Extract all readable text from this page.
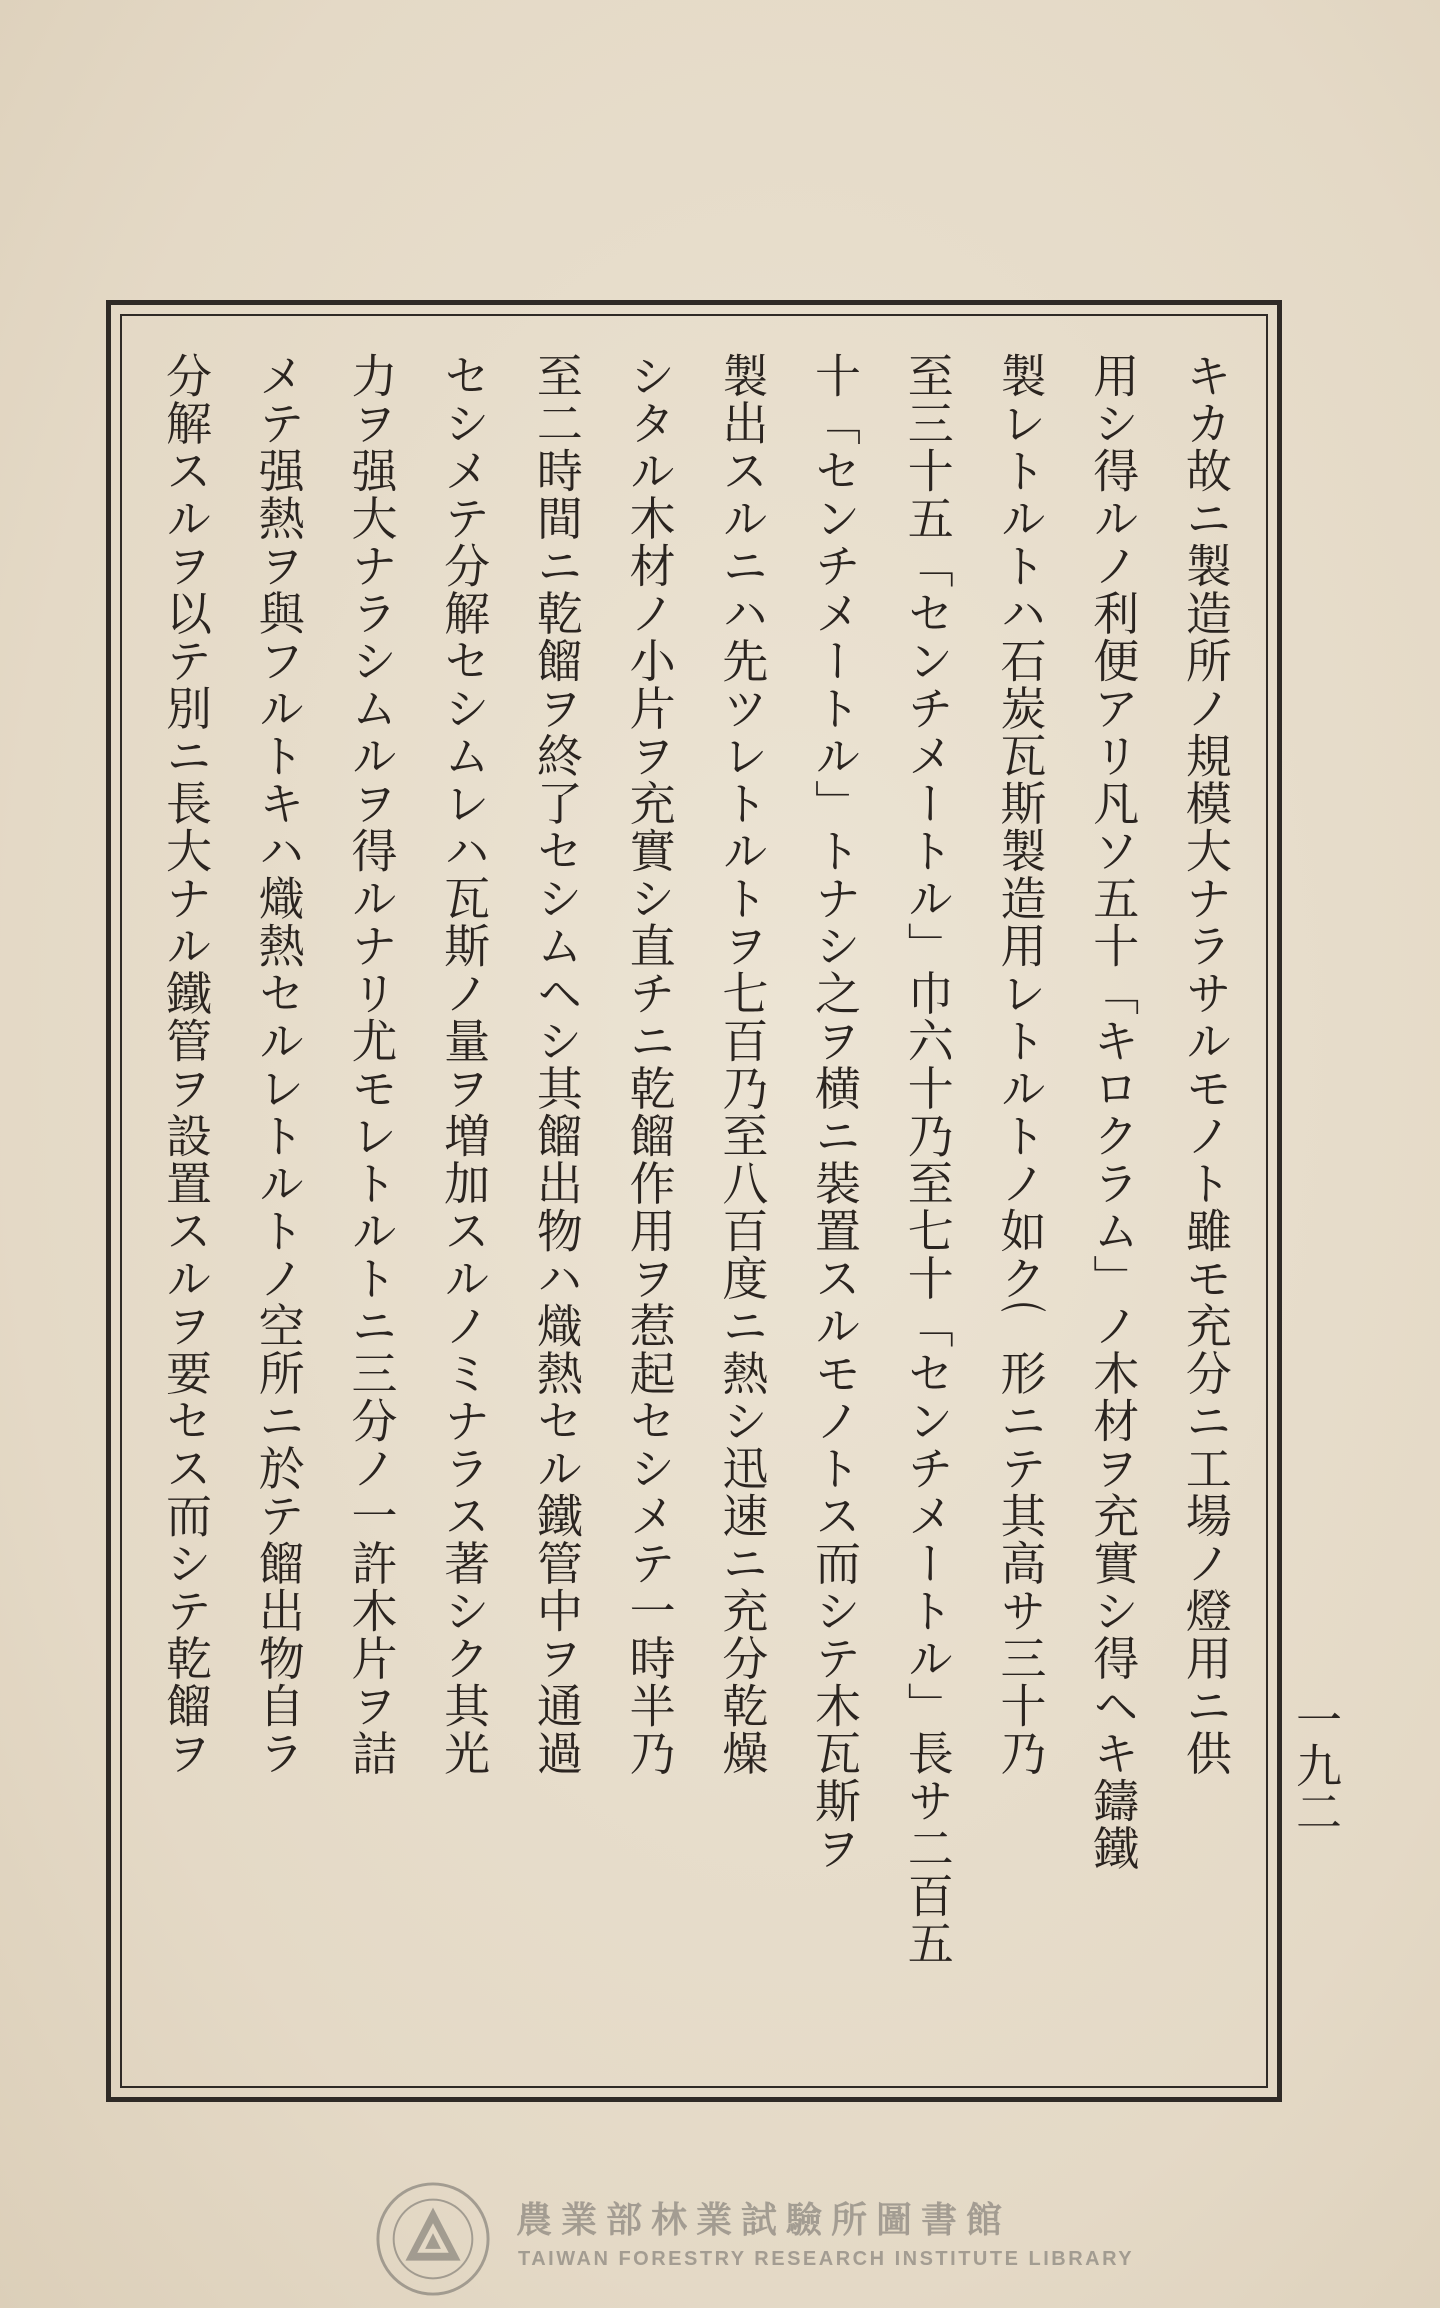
キカ故ニ製造所ノ規模大ナラサルモノト雖モ充分ニ工場ノ燈用ニ供
用シ得ルノ利便アリ凡ソ五十「キロクラム」ノ木材ヲ充實シ得ヘキ鑄鐵
製レトルトハ石炭瓦斯製造用レトルトノ如ク⌒形ニテ其高サ三十乃
至三十五「センチメートル」巾六十乃至七十「センチメートル」長サ二百五
十「センチメートル」トナシ之ヲ横ニ裝置スルモノトス而シテ木瓦斯ヲ
製出スルニハ先ツレトルトヲ七百乃至八百度ニ熱シ迅速ニ充分乾燥
シタル木材ノ小片ヲ充實シ直チニ乾餾作用ヲ惹起セシメテ一時半乃
至二時間ニ乾餾ヲ終了セシムヘシ其餾出物ハ熾熱セル鐵管中ヲ通過
セシメテ分解セシムレハ瓦斯ノ量ヲ増加スルノミナラス著シク其光
力ヲ强大ナラシムルヲ得ルナリ尤モレトルトニ三分ノ一許木片ヲ詰
メテ强熱ヲ與フルトキハ熾熱セルレトルトノ空所ニ於テ餾出物自ラ
分解スルヲ以テ別ニ長大ナル鐵管ヲ設置スルヲ要セス而シテ乾餾ヲ	一九二
農業部林業試驗所圖書館
TAIWAN FORESTRY RESEARCH INSTITUTE LIBRARY
